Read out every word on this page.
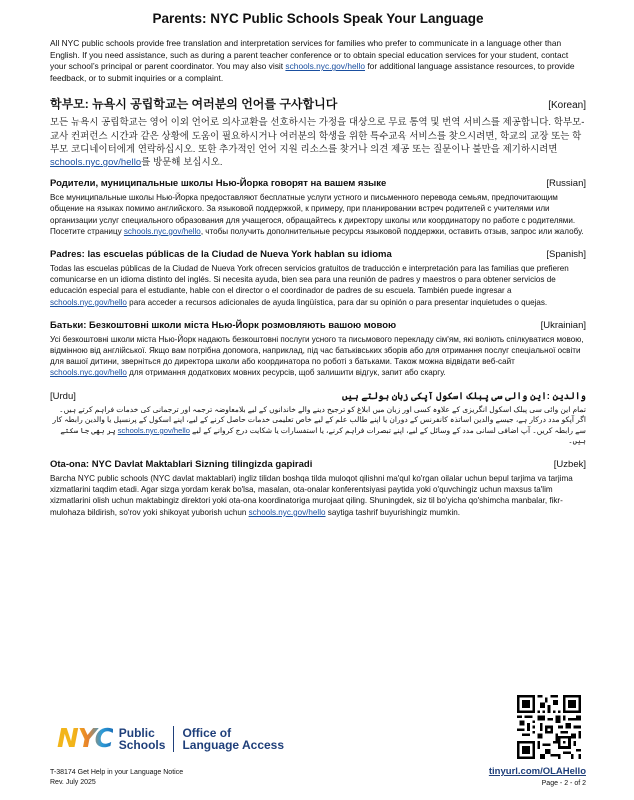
Parents: NYC Public Schools Speak Your Language
All NYC public schools provide free translation and interpretation services for families who prefer to communicate in a language other than English. If you need assistance, such as during a parent teacher conference or to obtain special education services for your student, contact your school’s principal or parent coordinator. You may also visit schools.nyc.gov/hello for additional language assistance resources, to provide feedback, or to submit inquiries or a complaint.
학부모: 뉴욕시 공립학교는 여러분의 언어를 구사합니다	[Korean]
모든 뉴욕시 공립학교는 영어 이외 언어로 의사교환을 선호하시는 가정을 대상으로 무료 통역 및 번역 서비스를 제공합니다. 학부모-교사 컨퍼런스 시간과 같은 상황에 도움이 필요하시거나 여러분의 학생을 위한 특수교육 서비스를 찾으시려면, 학교의 교장 또는 학부모 코디네이터에게 연락하십시오. 또한 추가적인 언어 지원 리소스를 찾거나 의견 제공 또는 질문이나 불만을 제기하시려면 schools.nyc.gov/hello를 방문해 보십시오.
Родители, муниципальные школы Нью-Йорка говорят на вашем языке	[Russian]
Все муниципальные школы Нью-Йорка предоставляют бесплатные услуги устного и письменного перевода семьям, предпочитающим общение на языках помимо английского. За языковой поддержкой, к примеру, при планировании встреч родителей с учителями или организации услуг специального образования для учащегося, обращайтесь к директору школы или координатору по работе с родителями. Посетите страницу schools.nyc.gov/hello, чтобы получить дополнительные ресурсы языковой поддержки, оставить отзыв, запрос или жалобу.
Padres: las escuelas públicas de la Ciudad de Nueva York hablan su idioma	[Spanish]
Todas las escuelas públicas de la Ciudad de Nueva York ofrecen servicios gratuitos de traducción e interpretación para las familias que prefieren comunicarse en un idioma distinto del inglés. Si necesita ayuda, bien sea para una reunión de padres y maestros o para obtener servicios de educación especial para el estudiante, hable con el director o el coordinador de padres de su escuela. También puede ingresar a schools.nyc.gov/hello para acceder a recursos adicionales de ayuda lingüística, para dar su opinión o para presentar inquietudes o quejas.
Батьки: Безкоштовні школи міста Нью-Йорк розмовляють вашою мовою	[Ukrainian]
Усі безкоштовні школи міста Нью-Йорк надають безкоштовні послуги усного та письмового перекладу сім'ям, які воліють спілкуватися мовою, відмінною від англійської. Якщо вам потрібна допомога, наприклад, під час батьківських зборів або для отримання послуг спеціальної освіти для вашої дитини, зверніться до директора школи або координатора по роботі з батьками. Також можна відвідати веб-сайт schools.nyc.gov/hello для отримання додаткових мовних ресурсів, щоб залишити відгук, запит або скаргу.
[Urdu]	والدین :این والی سی پبلک اسکول آپکی زبان بولتے ہیں
تمام این وائی سی پبلک اسکول انگریزی کے علاوہ کسی اور زبان میں ابلاغ کو ترجیح دینے والے خاندانوں کے لیے بلامعاوضہ ترجمہ اور ترجمانی کی خدمات فراہم کرتے ہیں۔ اگر آپکو مدد درکار ہے، جیسے والدین اساتذہ کانفرنس کے دوران یا اپنے طالب علم کے لیے خاص تعلیمی خدمات حاصل کرنے کے لیے، اپنے اسکول کے پرنسپل یا والدین رابطہ کار سے رابطہ کریں۔ آپ اضافی لسانی مدد کے وسائل کے لیے، اپنے تبصرات فراہم کرنے، یا استفسارات یا شکایت درج کروانے کے لیے schools.nyc.gov/hello پر بھی جا سکتے ہیں۔
Ota-ona: NYC Davlat Maktablari Sizning tilingizda gapiradi	[Uzbek]
Barcha NYC public schools (NYC davlat maktablari) ingliz tilidan boshqa tilda muloqot qilishni ma'qul ko'rgan oilalar uchun bepul tarjima va tarjima xizmatlarini taqdim etadi. Agar sizga yordam kerak bo'lsa, masalan, ota-onalar konferentsiyasi paytida yoki o'quvchingiz uchun maxsus ta'lim xizmatlarini olish uchun maktabingiz direktori yoki ota-ona koordinatoriga murojaat qiling. Shuningdek, siz til bo'yicha qo'shimcha manbalar, fikr-mulohaza bildirish, so'rov yoki shikoyat yuborish uchun schools.nyc.gov/hello saytiga tashrif buyurishingiz mumkin.
NYC Public
Schools
Office of
Language Access
tinyurl.com/OLAHello
T-38174 Get Help in your Language Notice
Rev. July 2025	Page - 2 - of 2
